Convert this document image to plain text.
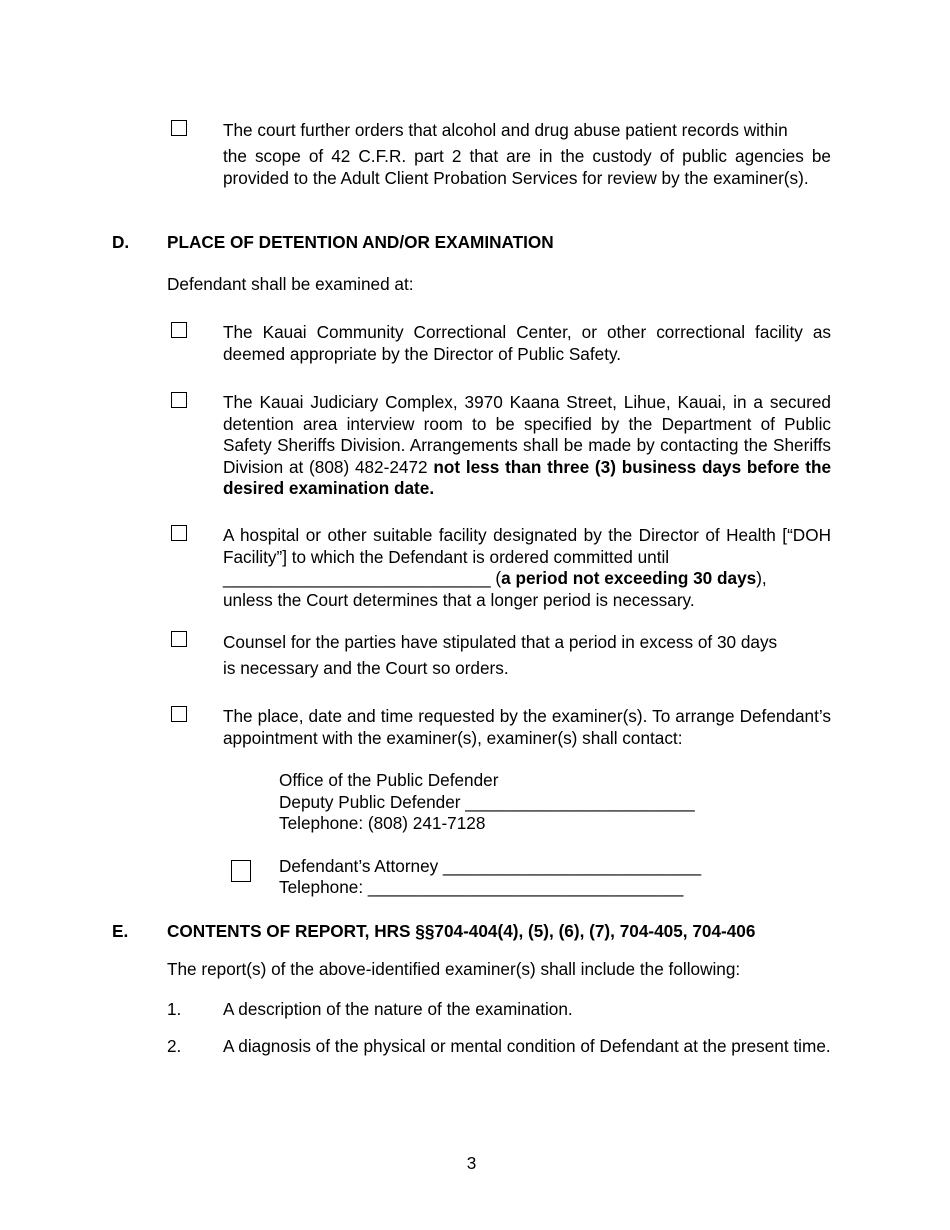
The court further orders that alcohol and drug abuse patient records within
the scope of 42 C.F.R. part 2 that are in the custody of public agencies be provided to the Adult Client Probation Services for review by the examiner(s).
D. PLACE OF DETENTION AND/OR EXAMINATION
Defendant shall be examined at:
The Kauai Community Correctional Center, or other correctional facility as deemed appropriate by the Director of Public Safety.
The Kauai Judiciary Complex, 3970 Kaana Street, Lihue, Kauai, in a secured detention area interview room to be specified by the Department of Public Safety Sheriffs Division. Arrangements shall be made by contacting the Sheriffs Division at (808) 482-2472 not less than three (3) business days before the desired examination date.
A hospital or other suitable facility designated by the Director of Health [“DOH Facility”] to which the Defendant is ordered committed until
____________________________ (a period not exceeding 30 days),
unless the Court determines that a longer period is necessary.
Counsel for the parties have stipulated that a period in excess of 30 days
is necessary and the Court so orders.
The place, date and time requested by the examiner(s). To arrange Defendant’s appointment with the examiner(s), examiner(s) shall contact:
Office of the Public Defender
Deputy Public Defender ________________________
Telephone: (808) 241-7128
Defendant’s Attorney ___________________________
Telephone: _________________________________
E. CONTENTS OF REPORT, HRS §§704-404(4), (5), (6), (7), 704-405, 704-406
The report(s) of the above-identified examiner(s) shall include the following:
1. A description of the nature of the examination.
2. A diagnosis of the physical or mental condition of Defendant at the present time.
3
